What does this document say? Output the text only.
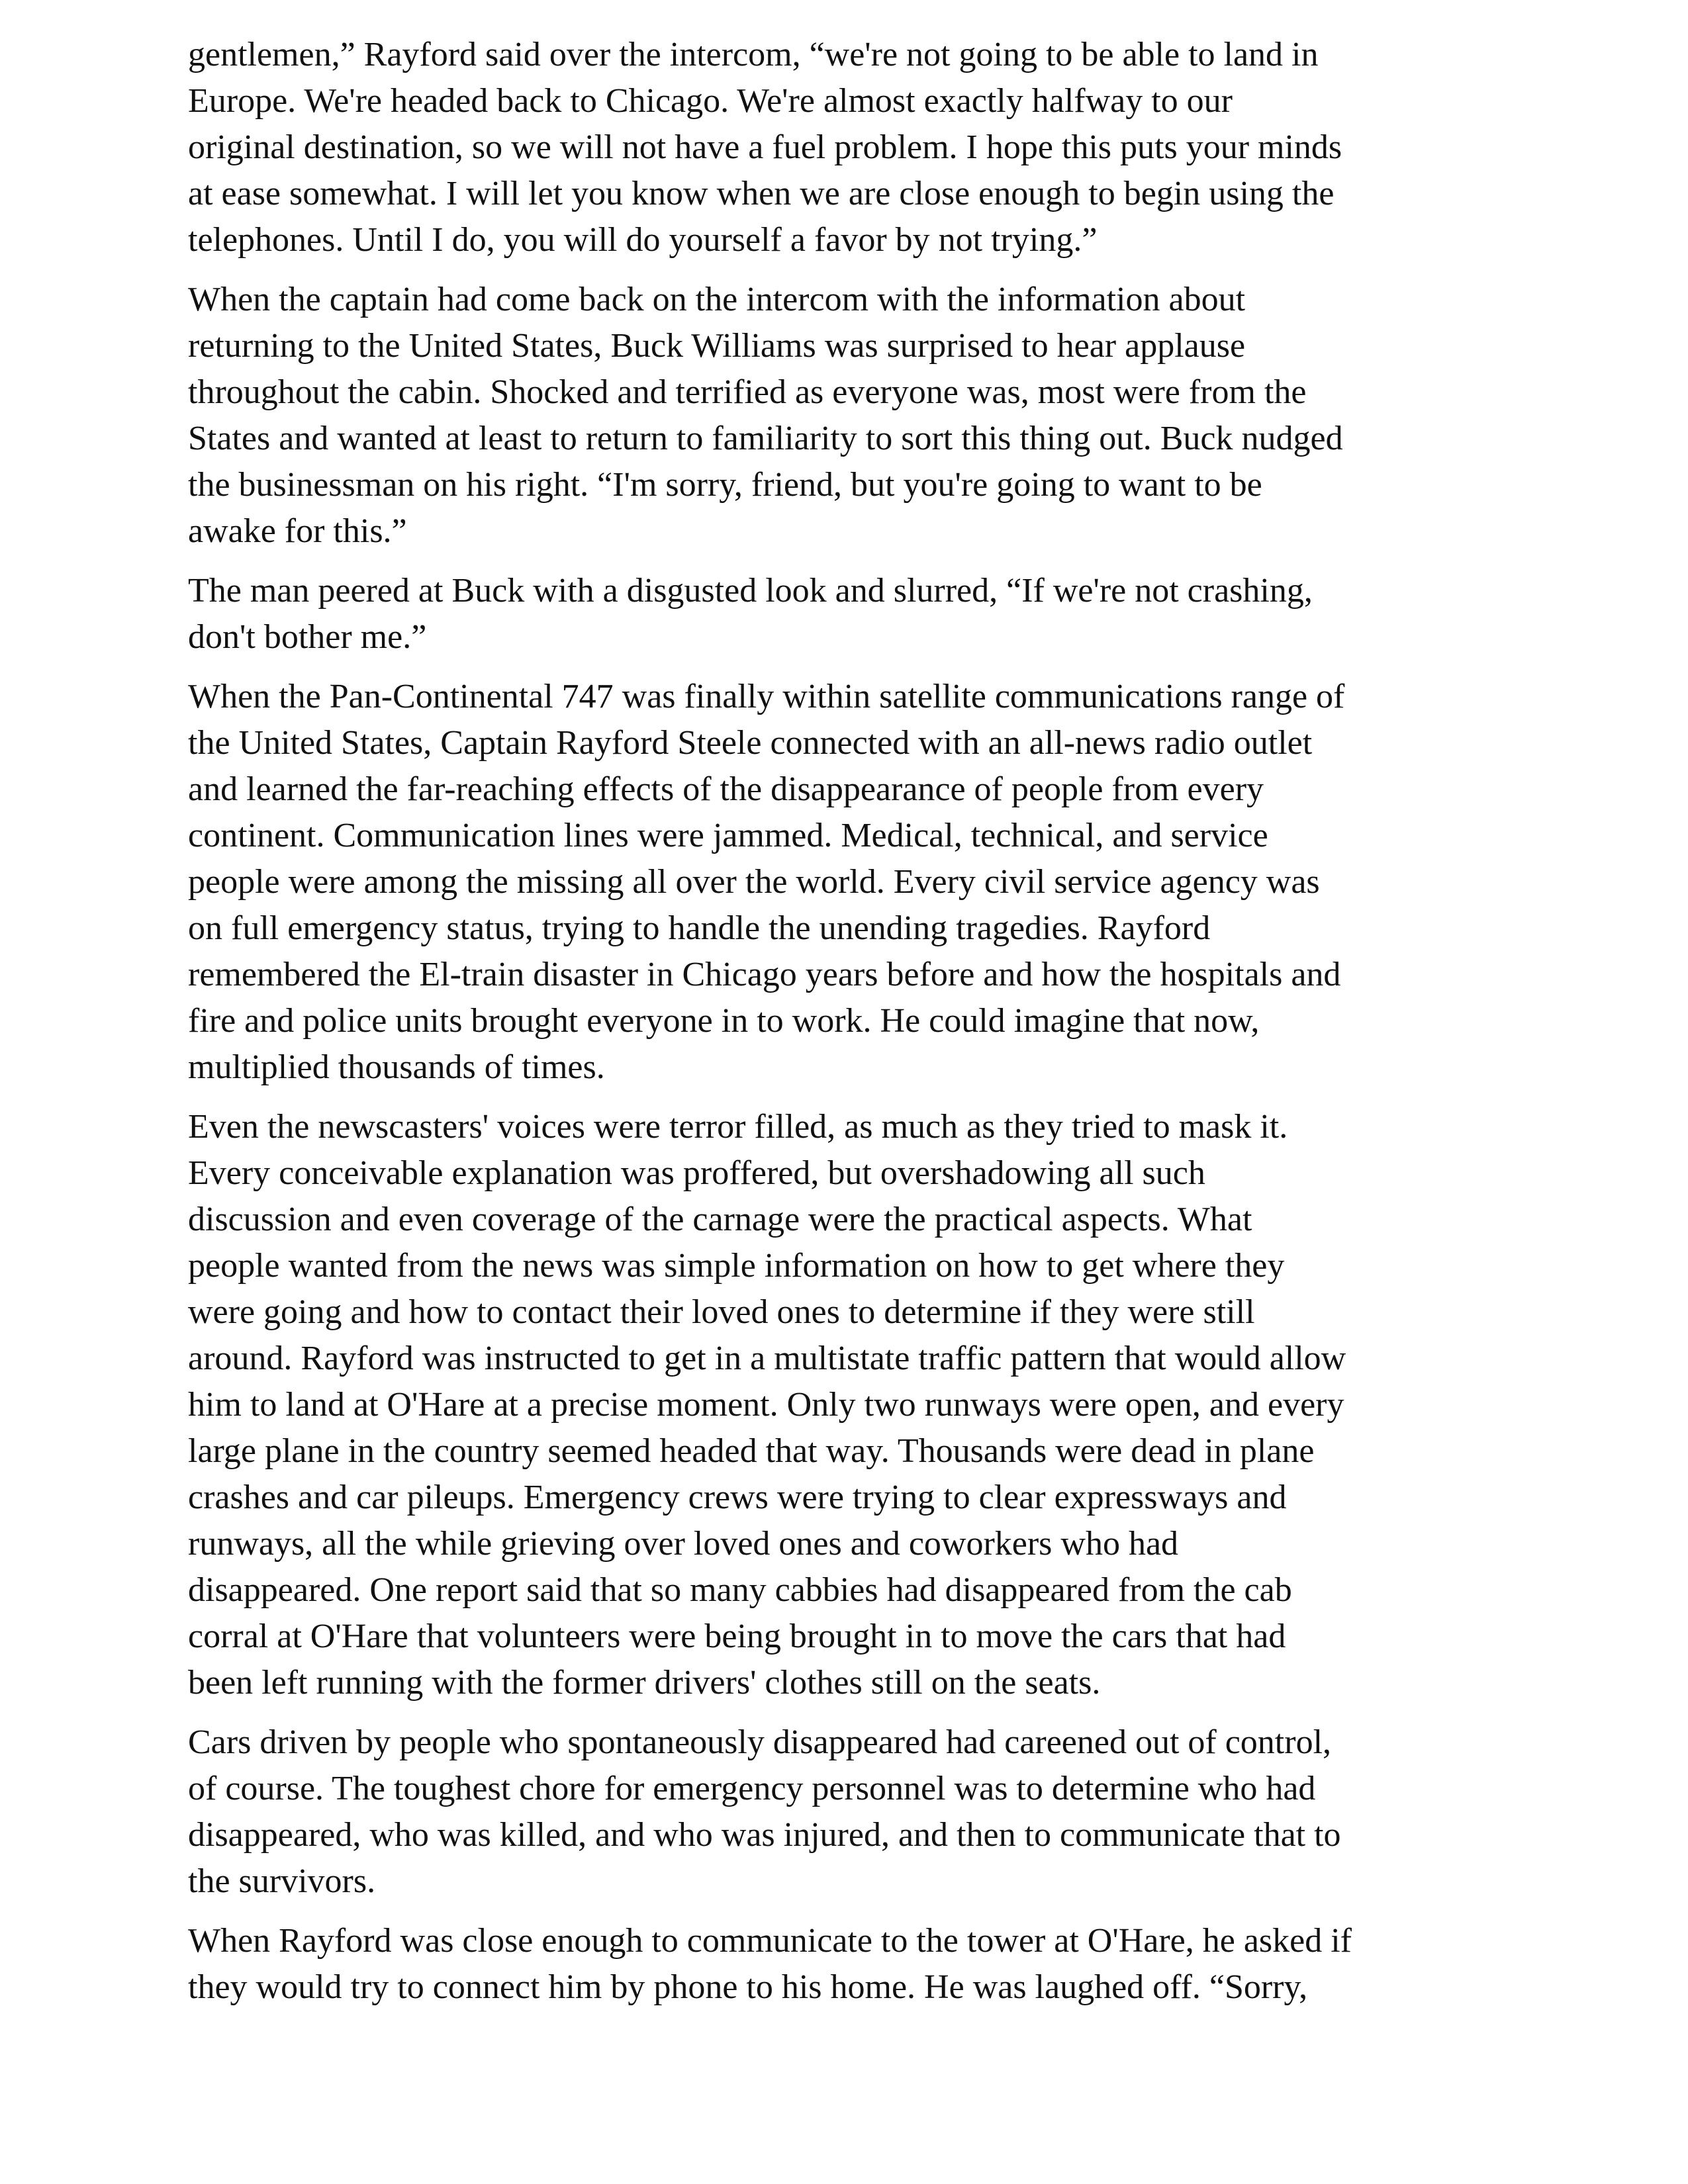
gentlemen,” Rayford said over the intercom, “we're not going to be able to land in
Europe. We're headed back to Chicago. We're almost exactly halfway to our
original destination, so we will not have a fuel problem. I hope this puts your minds
at ease somewhat. I will let you know when we are close enough to begin using the
telephones. Until I do, you will do yourself a favor by not trying.”

When the captain had come back on the intercom with the information about
returning to the United States, Buck Williams was surprised to hear applause
throughout the cabin. Shocked and terrified as everyone was, most were from the
States and wanted at least to return to familiarity to sort this thing out. Buck nudged
the businessman on his right. “I'm sorry, friend, but you're going to want to be
awake for this.”

The man peered at Buck with a disgusted look and slurred, “If we're not crashing,
don't bother me.”

When the Pan-Continental 747 was finally within satellite communications range of
the United States, Captain Rayford Steele connected with an all-news radio outlet
and learned the far-reaching effects of the disappearance of people from every
continent. Communication lines were jammed. Medical, technical, and service
people were among the missing all over the world. Every civil service agency was
on full emergency status, trying to handle the unending tragedies. Rayford
remembered the El-train disaster in Chicago years before and how the hospitals and
fire and police units brought everyone in to work. He could imagine that now,
multiplied thousands of times.

Even the newscasters' voices were terror filled, as much as they tried to mask it.
Every conceivable explanation was proffered, but overshadowing all such
discussion and even coverage of the carnage were the practical aspects. What
people wanted from the news was simple information on how to get where they
were going and how to contact their loved ones to determine if they were still
around. Rayford was instructed to get in a multistate traffic pattern that would allow
him to land at O'Hare at a precise moment. Only two runways were open, and every
large plane in the country seemed headed that way. Thousands were dead in plane
crashes and car pileups. Emergency crews were trying to clear expressways and
runways, all the while grieving over loved ones and coworkers who had
disappeared. One report said that so many cabbies had disappeared from the cab
corral at O'Hare that volunteers were being brought in to move the cars that had
been left running with the former drivers' clothes still on the seats.

Cars driven by people who spontaneously disappeared had careened out of control,
of course. The toughest chore for emergency personnel was to determine who had
disappeared, who was killed, and who was injured, and then to communicate that to
the survivors.

When Rayford was close enough to communicate to the tower at O'Hare, he asked if
they would try to connect him by phone to his home. He was laughed off. “Sorry,
